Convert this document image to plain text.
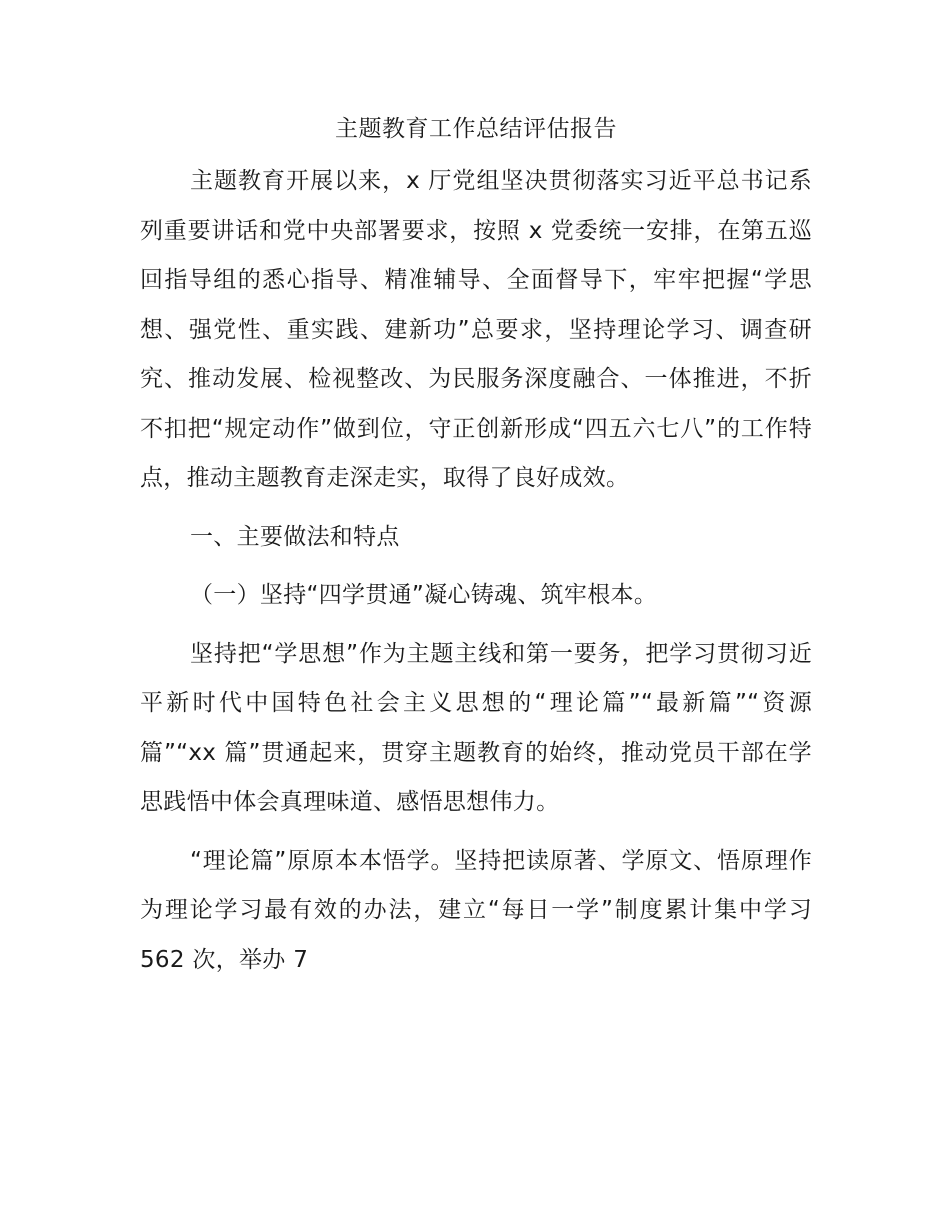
主题教育工作总结评估报告

主题教育开展以来，x 厅党组坚决贯彻落实习近平总书记系列重要讲话和党中央部署要求，按照 x 党委统一安排，在第五巡回指导组的悉心指导、精准辅导、全面督导下，牢牢把握“学思想、强党性、重实践、建新功”总要求，坚持理论学习、调查研究、推动发展、检视整改、为民服务深度融合、一体推进，不折不扣把“规定动作”做到位，守正创新形成“四五六七八”的工作特点，推动主题教育走深走实，取得了良好成效。

一、主要做法和特点

（一）坚持“四学贯通”凝心铸魂、筑牢根本。

坚持把“学思想”作为主题主线和第一要务，把学习贯彻习近平新时代中国特色社会主义思想的“理论篇”“最新篇”“资源篇”“xx 篇”贯通起来，贯穿主题教育的始终，推动党员干部在学思践悟中体会真理味道、感悟思想伟力。

“理论篇”原原本本悟学。坚持把读原著、学原文、悟原理作为理论学习最有效的办法，建立“每日一学”制度累计集中学习 562 次，举办 7
